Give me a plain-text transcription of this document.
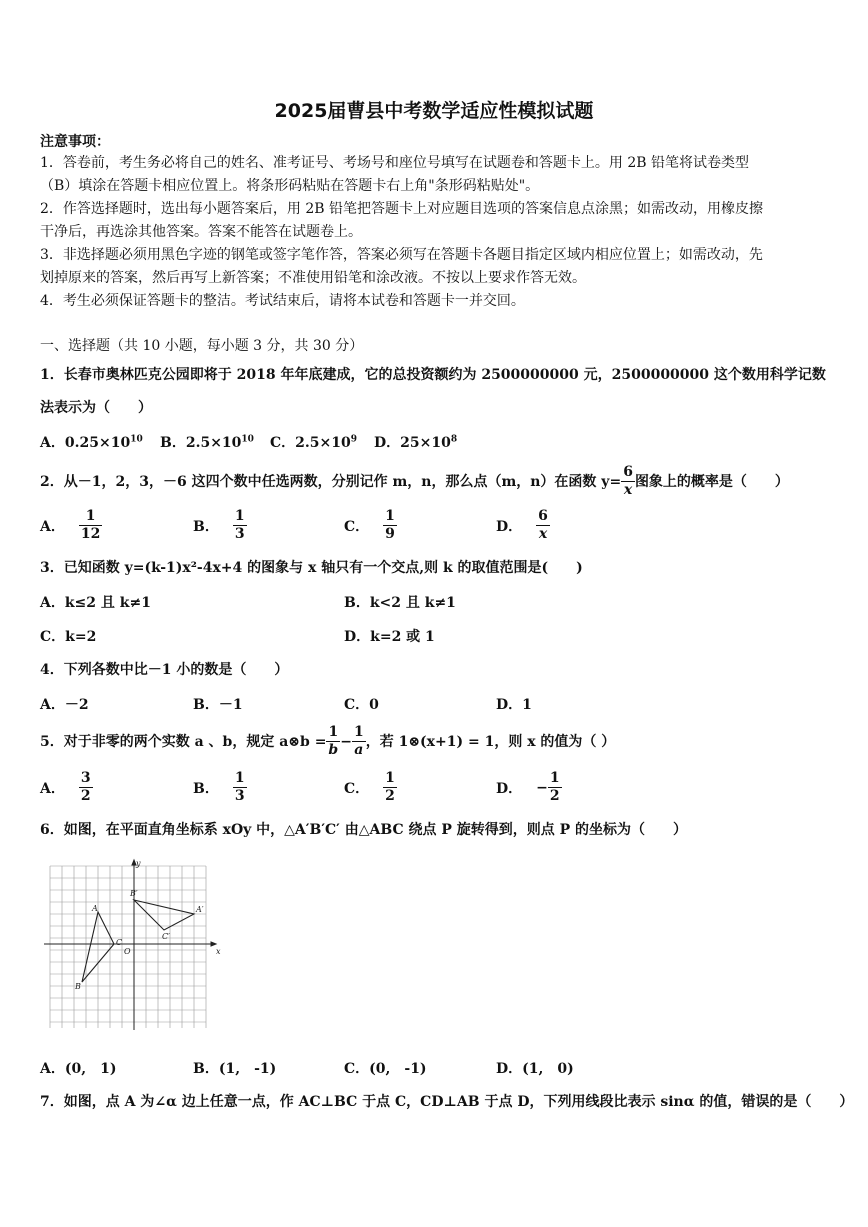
2025届曹县中考数学适应性模拟试题
注意事项：
1．答卷前，考生务必将自己的姓名、准考证号、考场号和座位号填写在试题卷和答题卡上。用 2B 铅笔将试卷类型
（B）填涂在答题卡相应位置上。将条形码粘贴在答题卡右上角"条形码粘贴处"。
2．作答选择题时，选出每小题答案后，用 2B 铅笔把答题卡上对应题目选项的答案信息点涂黑；如需改动，用橡皮擦
干净后，再选涂其他答案。答案不能答在试题卷上。
3．非选择题必须用黑色字迹的钢笔或签字笔作答，答案必须写在答题卡各题目指定区域内相应位置上；如需改动，先
划掉原来的答案，然后再写上新答案；不准使用铅笔和涂改液。不按以上要求作答无效。
4．考生必须保证答题卡的整洁。考试结束后，请将本试卷和答题卡一并交回。
一、选择题（共 10 小题，每小题 3 分，共 30 分）
1．长春市奥林匹克公园即将于 2018 年年底建成，它的总投资额约为 2500000000 元，2500000000 这个数用科学记数
法表示为（　　）
A．$0.25\times 10^{10}$ B．$2.5\times 10^{10}$ C．$2.5\times 10^9$ D．$25\times 10^8$
2．从－1，2，3，－6 这四个数中任选两数，分别记作 m，n，那么点（m，n）在函数 $y= \frac{6}{x}$ 图象上的概率是（　　）
A． $\frac{1}{12}$	B． $\frac{1}{3}$	C． $\frac{1}{9}$	D． $\frac{6}{x}$
3．已知函数 y=(k-1)x²-4x+4 的图象与 x 轴只有一个交点,则 k 的取值范围是(　　)
A．k≤2 且 k≠1	B．k<2 且 k≠1
C．k=2	D．k=2 或 1
4．下列各数中比－1 小的数是（　　）
A．－2	B．－1	C．0	D．1
5．对于非零的两个实数 a 、b，规定 a⊗b = $\frac{1}{b} - \frac{1}{a}$ ，若 1⊗(x+1) = 1，则 x 的值为（ ）
A． $\frac{3}{2}$	B． $\frac{1}{3}$	C． $\frac{1}{2}$	D． − $\frac{1}{2}$
6．如图，在平面直角坐标系 xOy 中，△A′B′C′ 由△ABC 绕点 P 旋转得到，则点 P 的坐标为（　　）
y
x
O
A
B
C
A′
B′
C′
A．(0,　1)	B．(1,　-1)	C．(0,　-1)	D．(1,　0)
7．如图，点 A 为∠α 边上任意一点，作 AC⊥BC 于点 C，CD⊥AB 于点 D，下列用线段比表示 sinα 的值，错误的是（　　）
